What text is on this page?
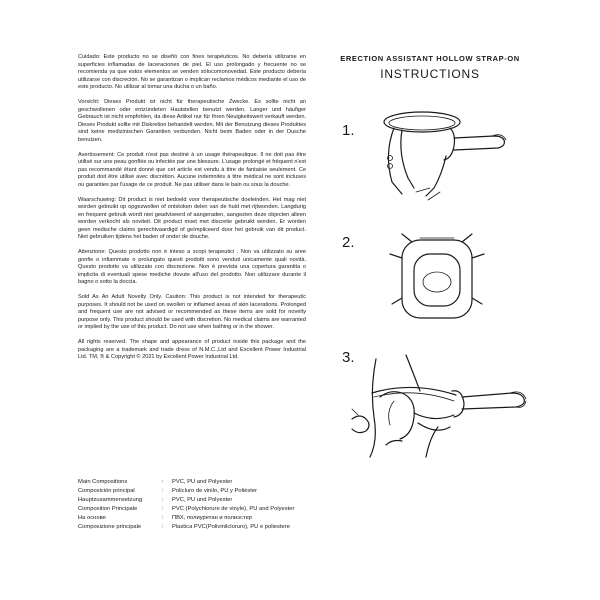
Cuidado: Este producto no se diseñó con fines terapéuticos. No debería utilizarse en superficies inflamadas de laceraciones de piel. El uso prolongado y frecuente no se recomienda ya que estos elementos se venden sólocomonovedad. Este producto debería utilizarse con discreción. No se garantizan o implican reclamos médicos mediante el uso de este producto. No utilizar al tomar una ducha o un baño.

Vorsicht: Dieses Produkt ist nicht für therapeutische Zwecke. Es sollte nicht an geschwollenen oder entzündeten Hautstellen benutzt werden. Langer und häufiger Gebrauch ist nicht empfohlen, da diese Artikel nur für Ihren Neuigkeitswert verkauft werden. Dieses Produkt sollte mit Diskretion behandelt werden. Mit der Benutzung dieses Produktes sind keine medizinischen Garantien verbunden. Nicht beim Baden oder in der Dusche benutzen.

Avertissement: Ce produit n'est pas destiné à un usage thérapeutique. Il ne doit pas être utilisé sur une peau gonflée ou infectée par une blessure. L'usage prolongé et fréquent n'est pas recommandé étant donné que cet article est vendu à titre de fantaisie seulement. Ce produit doit être utilisé avec discrétion. Aucune indemnités à titre médical ne sont incluses ou garanties par l'usage de ce produit. Ne pas utiliser dans le bain ou sous la douche.

Waarschuwing: Dit product is niet bedoeld voor therapeutische doeleinden. Het mag niet worden gebruikt op opgezwollen of ontstoken delen van de huid met rijtwonden. Langdurig en frequent gebruik wordt niet geadviseerd of aangeraden, aangezien deze objecten alleen worden verkocht als noviteit. Dit product moet met discretie gebruikt worden. Er worden geen medische claims gerechtvaardigd of geïmpliceerd door het gebruik van dit product. Niet gebruiken tijdens het baden of onder de douche.

Attenzione: Questo prodotto non è inteso a scopi terapeutici . Non va utilizzato su aree gonfie o infiammate o prolungato questi prodotti sono venduti unicamente quali novità. Questo prodotto va utilizzato con discrezione. Non è prevista una copertura garantita o implicita di eventuali spese mediche dovute all'uso del prodotto. Non utilizzare durante il bagno o sotto la doccia.

Sold As An Adult Novelty Only. Caution: This product is not intended for therapeutic purposes. It should not be used on swollen or inflamed areas of skin lacerations. Prolonged and frequent use are not advised or recommended as these items are sold for novelty purpose only. This product should be used with discretion. No medical claims are warranted or implied by the use of this product. Do not use when bathing or in the shower.

All rights reserved. The shape and appearance of product inside this package and the packaging are a trademark and trade dress of N.M.C.,Ltd and Excellent Power Industrial Ltd. TM, ® & Copyright © 2021 by Excellent Power Industrial Ltd.

Main Compositions	:	PVC, PU and Polyester
Composición principal	:	Policluro de vinilo, PU y Poliéster
Hauptzusammensetzung	:	PVC, PU und Polyester
Composition Principale	:	PVC (Polychlorure de vinyle), PU and Polyester
На основе	:	ПВХ, полиуретан и полиэстер
Composizione principale	:	Plastica PVC(Polivinilcloruro), PU e poliestere

ERECTION ASSISTANT HOLLOW STRAP-ON

INSTRUCTIONS

1.
2.
3.
